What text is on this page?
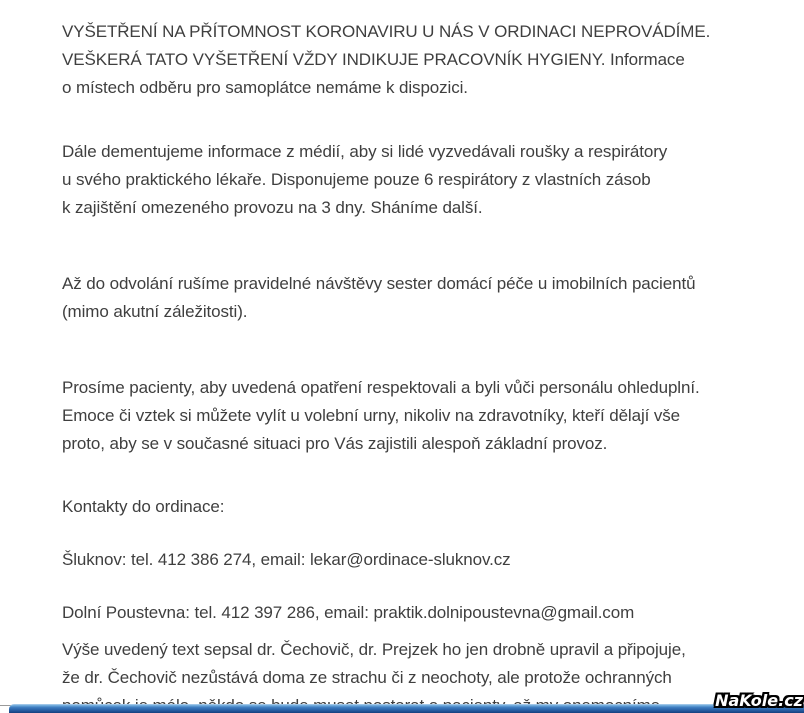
VYŠETŘENÍ NA PŘÍTOMNOST KORONAVIRU U NÁS V ORDINACI NEPROVÁDÍME.
VEŠKERÁ TATO VYŠETŘENÍ VŽDY INDIKUJE PRACOVNÍK HYGIENY. Informace
o místech odběru pro samoplátce nemáme k dispozici.
Dále dementujeme informace z médií, aby si lidé vyzvedávali roušky a respirátory
u svého praktického lékaře. Disponujeme pouze 6 respirátory z vlastních zásob
k zajištění omezeného provozu na 3 dny. Sháníme další.
Až do odvolání rušíme pravidelné návštěvy sester domácí péče u imobilních pacientů
(mimo akutní záležitosti).
Prosíme pacienty, aby uvedená opatření respektovali a byli vůči personálu ohleduplní.
Emoce či vztek si můžete vylít u volební urny, nikoliv na zdravotníky, kteří dělají vše
proto, aby se v současné situaci pro Vás zajistili alespoň základní provoz.
Kontakty do ordinace:
Šluknov: tel. 412 386 274, email: lekar@ordinace-sluknov.cz
Dolní Poustevna: tel. 412 397 286, email: praktik.dolnipoustevna@gmail.com
Výše uvedený text sepsal dr. Čechovič, dr. Prejzek ho jen drobně upravil a připojuje,
že dr. Čechovič nezůstává doma ze strachu či z neochoty, ale protože ochranných
NaKole.cz
